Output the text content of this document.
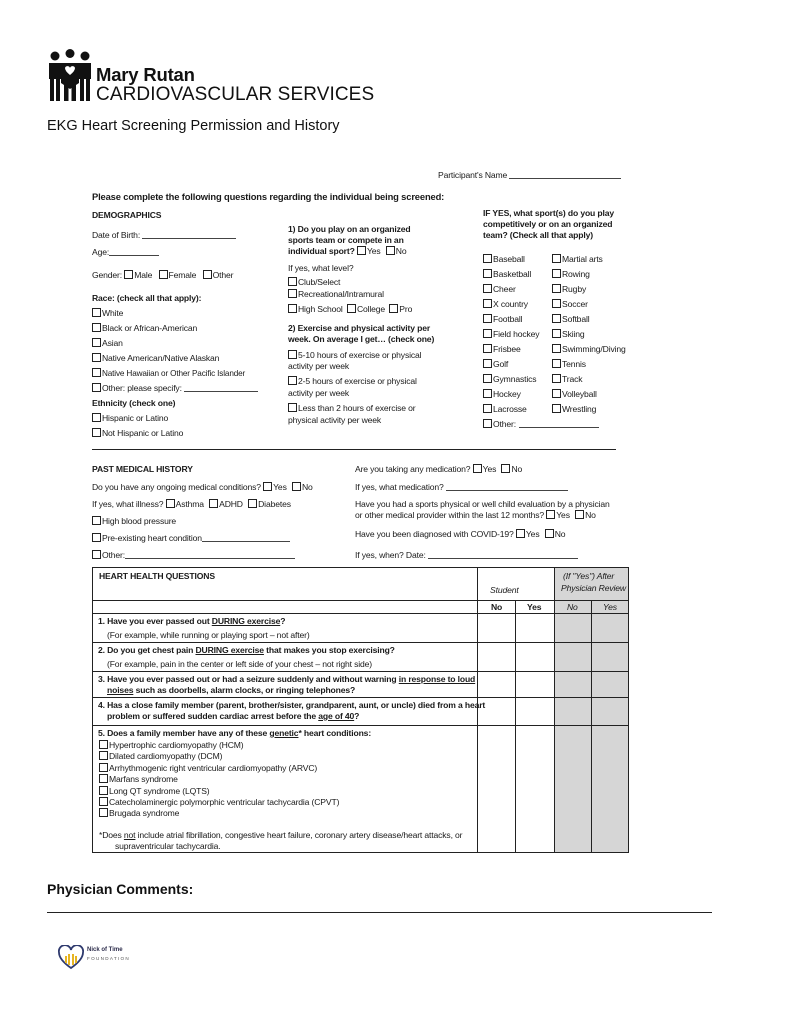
Mary Rutan
CARDIOVASCULAR SERVICES
EKG Heart Screening Permission and History
Participant's Name
Please complete the following questions regarding the individual being screened:
DEMOGRAPHICS
Date of Birth:
Age:
Gender: Male Female Other
Race: (check all that apply):
White
Black or African-American
Asian
Native American/Native Alaskan
Native Hawaiian or Other Pacific Islander
Other: please specify:
Ethnicity (check one)
Hispanic or Latino
Not Hispanic or Latino
1) Do you play on an organized
sports team or compete in an
individual sport? Yes No
If yes, what level?
Club/Select
Recreational/Intramural
High School College Pro
2) Exercise and physical activity per
week. On average I get… (check one)
5-10 hours of exercise or physical
activity per week
2-5 hours of exercise or physical
activity per week
Less than 2 hours of exercise or
physical activity per week
IF YES, what sport(s) do you play
competitively or on an organized
team? (Check all that apply)
Baseball
Basketball
Cheer
X country
Football
Field hockey
Frisbee
Golf
Gymnastics
Hockey
Lacrosse
Other:
Martial arts
Rowing
Rugby
Soccer
Softball
Skiing
Swimming/Diving
Tennis
Track
Volleyball
Wrestling
PAST MEDICAL HISTORY
Do you have any ongoing medical conditions? Yes No
If yes, what illness? Asthma ADHD Diabetes
High blood pressure
Pre-existing heart condition
Other:
Are you taking any medication? Yes No
If yes, what medication?
Have you had a sports physical or well child evaluation by a physician
or other medical provider within the last 12 months? Yes No
Have you been diagnosed with COVID-19? Yes No
If yes, when? Date:
HEART HEALTH QUESTIONS
Student
(If "Yes") After
Physician Review
No	Yes	No	Yes
1. Have you ever passed out DURING exercise?
(For example, while running or playing sport – not after)
2. Do you get chest pain DURING exercise that makes you stop exercising?
(For example, pain in the center or left side of your chest – not right side)
3. Have you ever passed out or had a seizure suddenly and without warning in response to loud
noises such as doorbells, alarm clocks, or ringing telephones?
4. Has a close family member (parent, brother/sister, grandparent, aunt, or uncle) died from a heart
problem or suffered sudden cardiac arrest before the age of 40?
5. Does a family member have any of these genetic* heart conditions:
Hypertrophic cardiomyopathy (HCM)
Dilated cardiomyopathy (DCM)
Arrhythmogenic right ventricular cardiomyopathy (ARVC)
Marfans syndrome
Long QT syndrome (LQTS)
Catecholaminergic polymorphic ventricular tachycardia (CPVT)
Brugada syndrome
*Does not include atrial fibrillation, congestive heart failure, coronary artery disease/heart attacks, or
supraventricular tachycardia.
Physician Comments:
Nick of Time
FOUNDATION
